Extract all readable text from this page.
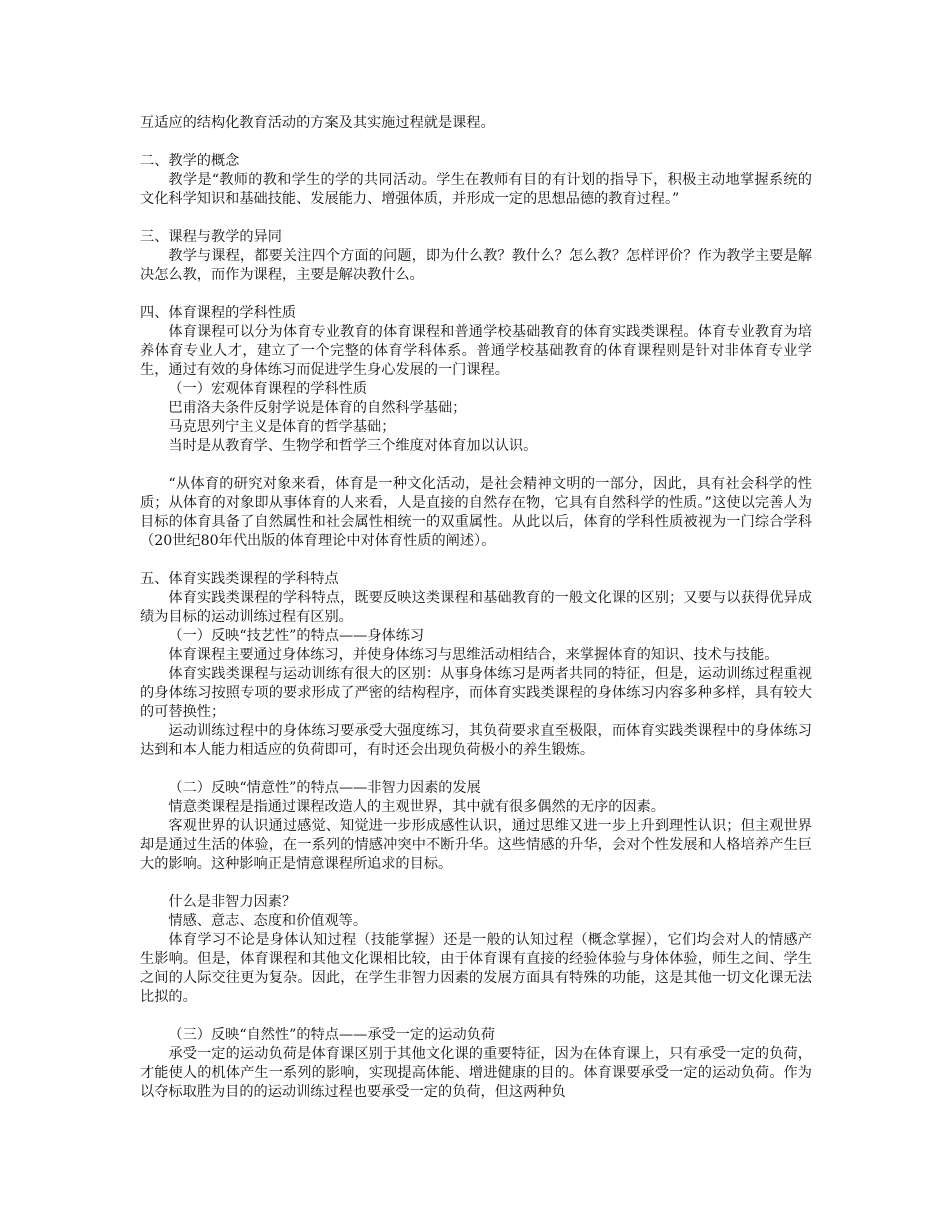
互适应的结构化教育活动的方案及其实施过程就是课程。
二、教学的概念
教学是“教师的教和学生的学的共同活动。学生在教师有目的有计划的指导下，积极主动地掌握系统的文化科学知识和基础技能、发展能力、增强体质，并形成一定的思想品德的教育过程。”
三、课程与教学的异同
教学与课程，都要关注四个方面的问题，即为什么教？教什么？怎么教？怎样评价？作为教学主要是解决怎么教，而作为课程，主要是解决教什么。
四、体育课程的学科性质
体育课程可以分为体育专业教育的体育课程和普通学校基础教育的体育实践类课程。体育专业教育为培养体育专业人才，建立了一个完整的体育学科体系。普通学校基础教育的体育课程则是针对非体育专业学生，通过有效的身体练习而促进学生身心发展的一门课程。
（一）宏观体育课程的学科性质
巴甫洛夫条件反射学说是体育的自然科学基础；
马克思列宁主义是体育的哲学基础；
当时是从教育学、生物学和哲学三个维度对体育加以认识。
“从体育的研究对象来看，体育是一种文化活动，是社会精神文明的一部分，因此，具有社会科学的性质；从体育的对象即从事体育的人来看，人是直接的自然存在物，它具有自然科学的性质。”这使以完善人为目标的体育具备了自然属性和社会属性相统一的双重属性。从此以后，体育的学科性质被视为一门综合学科（20世纪80年代出版的体育理论中对体育性质的阐述）。
五、体育实践类课程的学科特点
体育实践类课程的学科特点，既要反映这类课程和基础教育的一般文化课的区别；又要与以获得优异成绩为目标的运动训练过程有区别。
（一）反映“技艺性”的特点——身体练习
体育课程主要通过身体练习，并使身体练习与思维活动相结合，来掌握体育的知识、技术与技能。
体育实践类课程与运动训练有很大的区别：从事身体练习是两者共同的特征，但是，运动训练过程重视的身体练习按照专项的要求形成了严密的结构程序，而体育实践类课程的身体练习内容多种多样，具有较大的可替换性；
运动训练过程中的身体练习要承受大强度练习，其负荷要求直至极限，而体育实践类课程中的身体练习达到和本人能力相适应的负荷即可，有时还会出现负荷极小的养生锻炼。
（二）反映“情意性”的特点——非智力因素的发展
情意类课程是指通过课程改造人的主观世界，其中就有很多偶然的无序的因素。
客观世界的认识通过感觉、知觉进一步形成感性认识，通过思维又进一步上升到理性认识；但主观世界却是通过生活的体验，在一系列的情感冲突中不断升华。这些情感的升华，会对个性发展和人格培养产生巨大的影响。这种影响正是情意课程所追求的目标。
什么是非智力因素？
情感、意志、态度和价值观等。
体育学习不论是身体认知过程（技能掌握）还是一般的认知过程（概念掌握），它们均会对人的情感产生影响。但是，体育课程和其他文化课相比较，由于体育课有直接的经验体验与身体体验，师生之间、学生之间的人际交往更为复杂。因此，在学生非智力因素的发展方面具有特殊的功能，这是其他一切文化课无法比拟的。
（三）反映“自然性”的特点——承受一定的运动负荷
承受一定的运动负荷是体育课区别于其他文化课的重要特征，因为在体育课上，只有承受一定的负荷，才能使人的机体产生一系列的影响，实现提高体能、增进健康的目的。体育课要承受一定的运动负荷。作为以夺标取胜为目的的运动训练过程也要承受一定的负荷，但这两种负
